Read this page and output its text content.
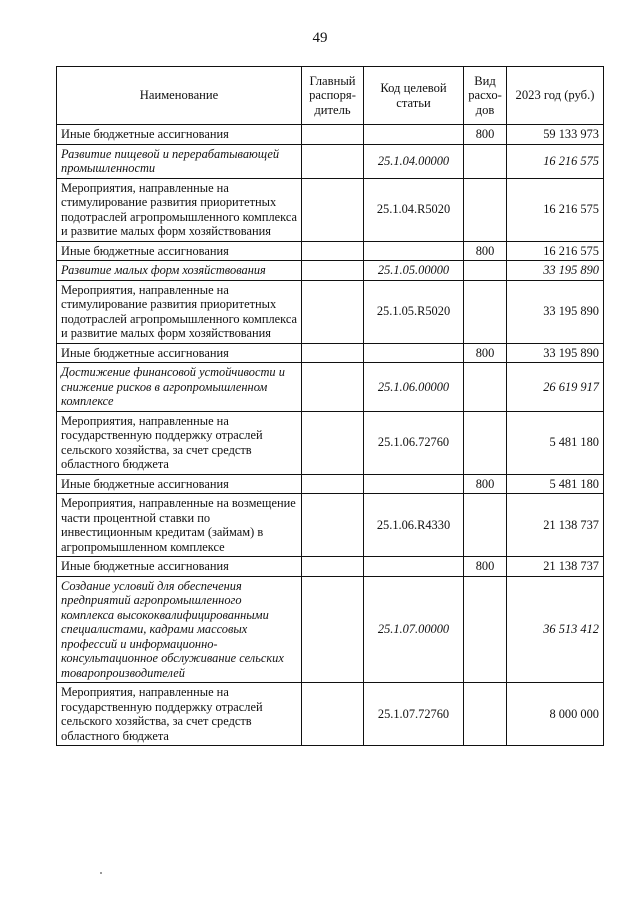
49
Наименование	Главный распоря-дитель	Код целевой статьи	Вид расхо-дов	2023 год (руб.)
Иные бюджетные ассигнования			800	59 133 973
Развитие пищевой и перерабатывающей промышленности		25.1.04.00000		16 216 575
Мероприятия, направленные на стимулирование развития приоритетных подотраслей агропромышленного комплекса и развитие малых форм хозяйствования		25.1.04.R5020		16 216 575
Иные бюджетные ассигнования			800	16 216 575
Развитие малых форм хозяйствования		25.1.05.00000		33 195 890
Мероприятия, направленные на стимулирование развития приоритетных подотраслей агропромышленного комплекса и развитие малых форм хозяйствования		25.1.05.R5020		33 195 890
Иные бюджетные ассигнования			800	33 195 890
Достижение финансовой устойчивости и снижение рисков в агропромышленном комплексе		25.1.06.00000		26 619 917
Мероприятия, направленные на государственную поддержку отраслей сельского хозяйства, за счет средств областного бюджета		25.1.06.72760		5 481 180
Иные бюджетные ассигнования			800	5 481 180
Мероприятия, направленные на возмещение части процентной ставки по инвестиционным кредитам (займам) в агропромышленном комплексе		25.1.06.R4330		21 138 737
Иные бюджетные ассигнования			800	21 138 737
Создание условий для обеспечения предприятий агропромышленного комплекса высококвалифицированными специалистами, кадрами массовых профессий и информационно-консультационное обслуживание сельских товаропроизводителей		25.1.07.00000		36 513 412
Мероприятия, направленные на государственную поддержку отраслей сельского хозяйства, за счет средств областного бюджета		25.1.07.72760		8 000 000
